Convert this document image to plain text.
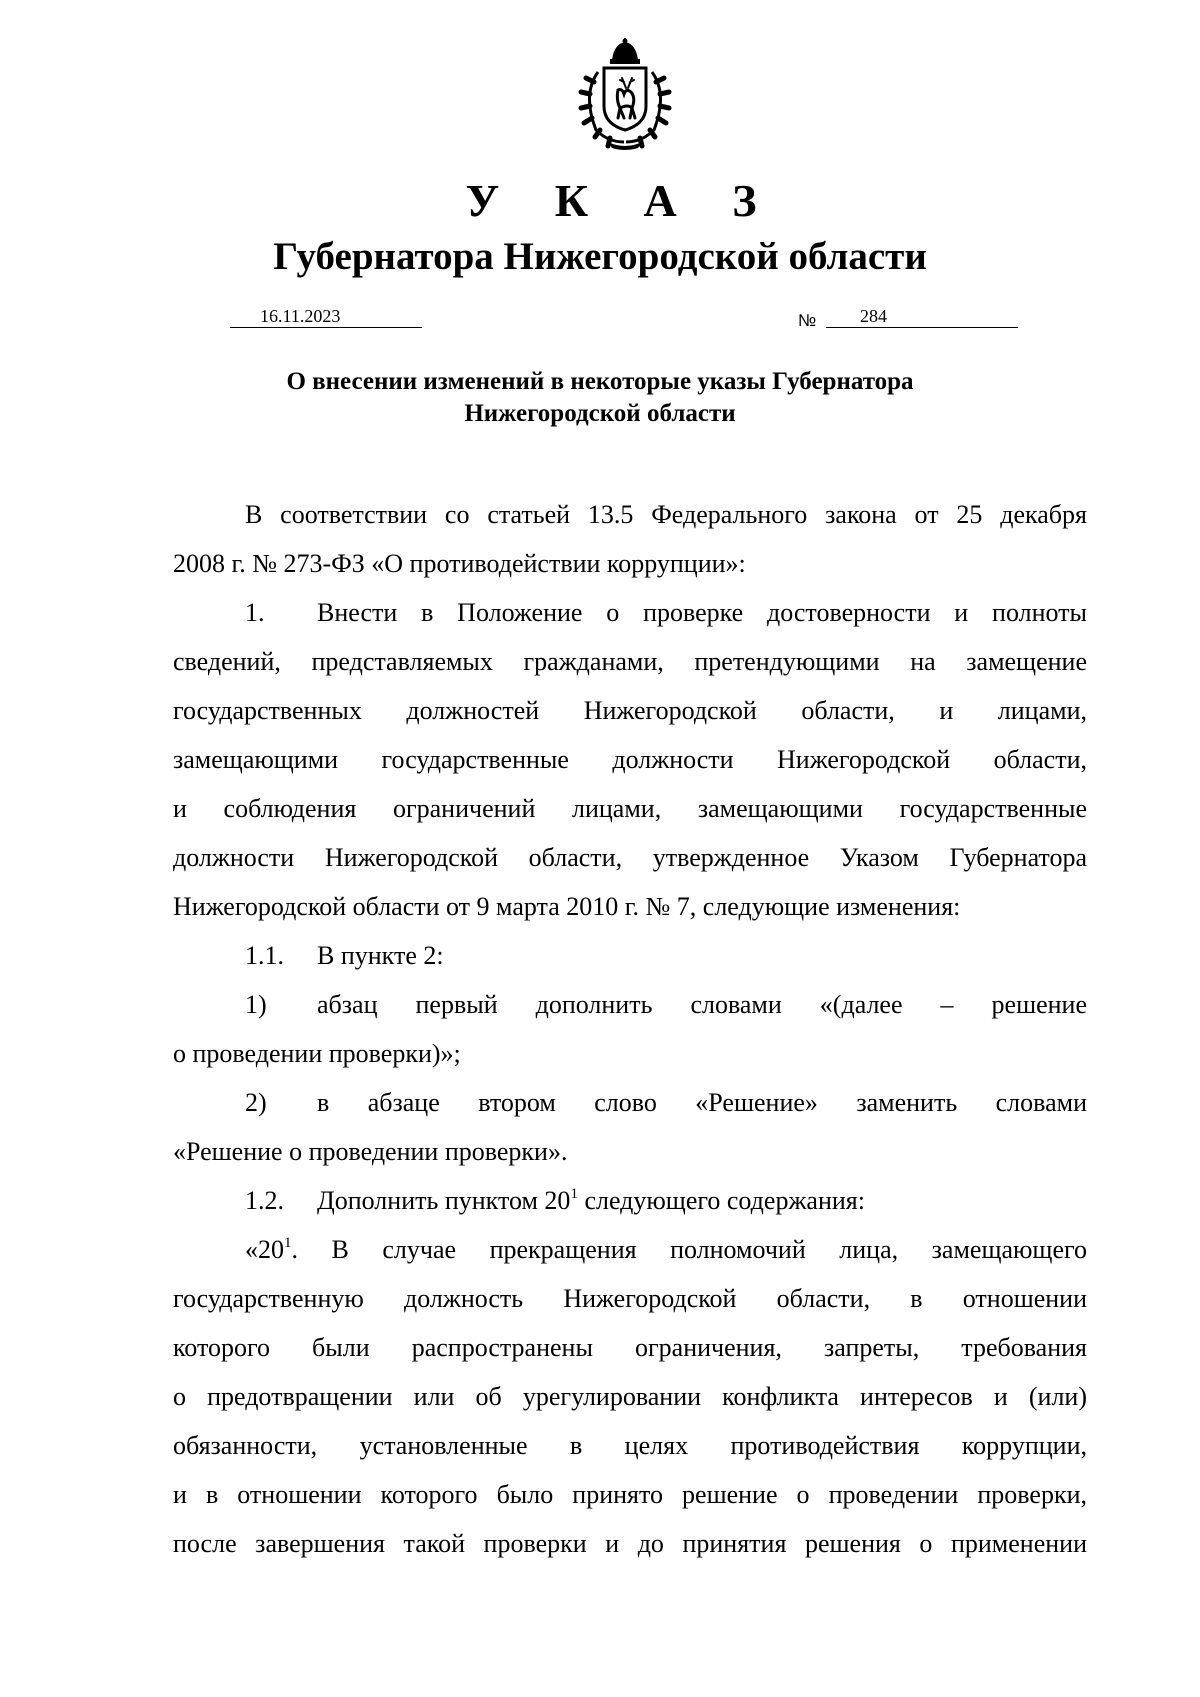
У К А З
Губернатора Нижегородской области
16.11.2023	№	284
О внесении изменений в некоторые указы Губернатора
Нижегородской области

В соответствии со статьей 13.5 Федерального закона от 25 декабря
2008 г. № 273-ФЗ «О противодействии коррупции»:

1. Внести в Положение о проверке достоверности и полноты
сведений, представляемых гражданами, претендующими на замещение
государственных должностей Нижегородской области, и лицами,
замещающими государственные должности Нижегородской области,
и соблюдения ограничений лицами, замещающими государственные
должности Нижегородской области, утвержденное Указом Губернатора
Нижегородской области от 9 марта 2010 г. № 7, следующие изменения:

1.1. В пункте 2:

1) абзац первый дополнить словами «(далее – решение
о проведении проверки)»;

2) в абзаце втором слово «Решение» заменить словами
«Решение о проведении проверки».

1.2. Дополнить пунктом $20^1$ следующего содержания:

«$20^1$. В случае прекращения полномочий лица, замещающего
государственную должность Нижегородской области, в отношении
которого были распространены ограничения, запреты, требования
о предотвращении или об урегулировании конфликта интересов и (или)
обязанности, установленные в целях противодействия коррупции,
и в отношении которого было принято решение о проведении проверки,
после завершения такой проверки и до принятия решения о применении
